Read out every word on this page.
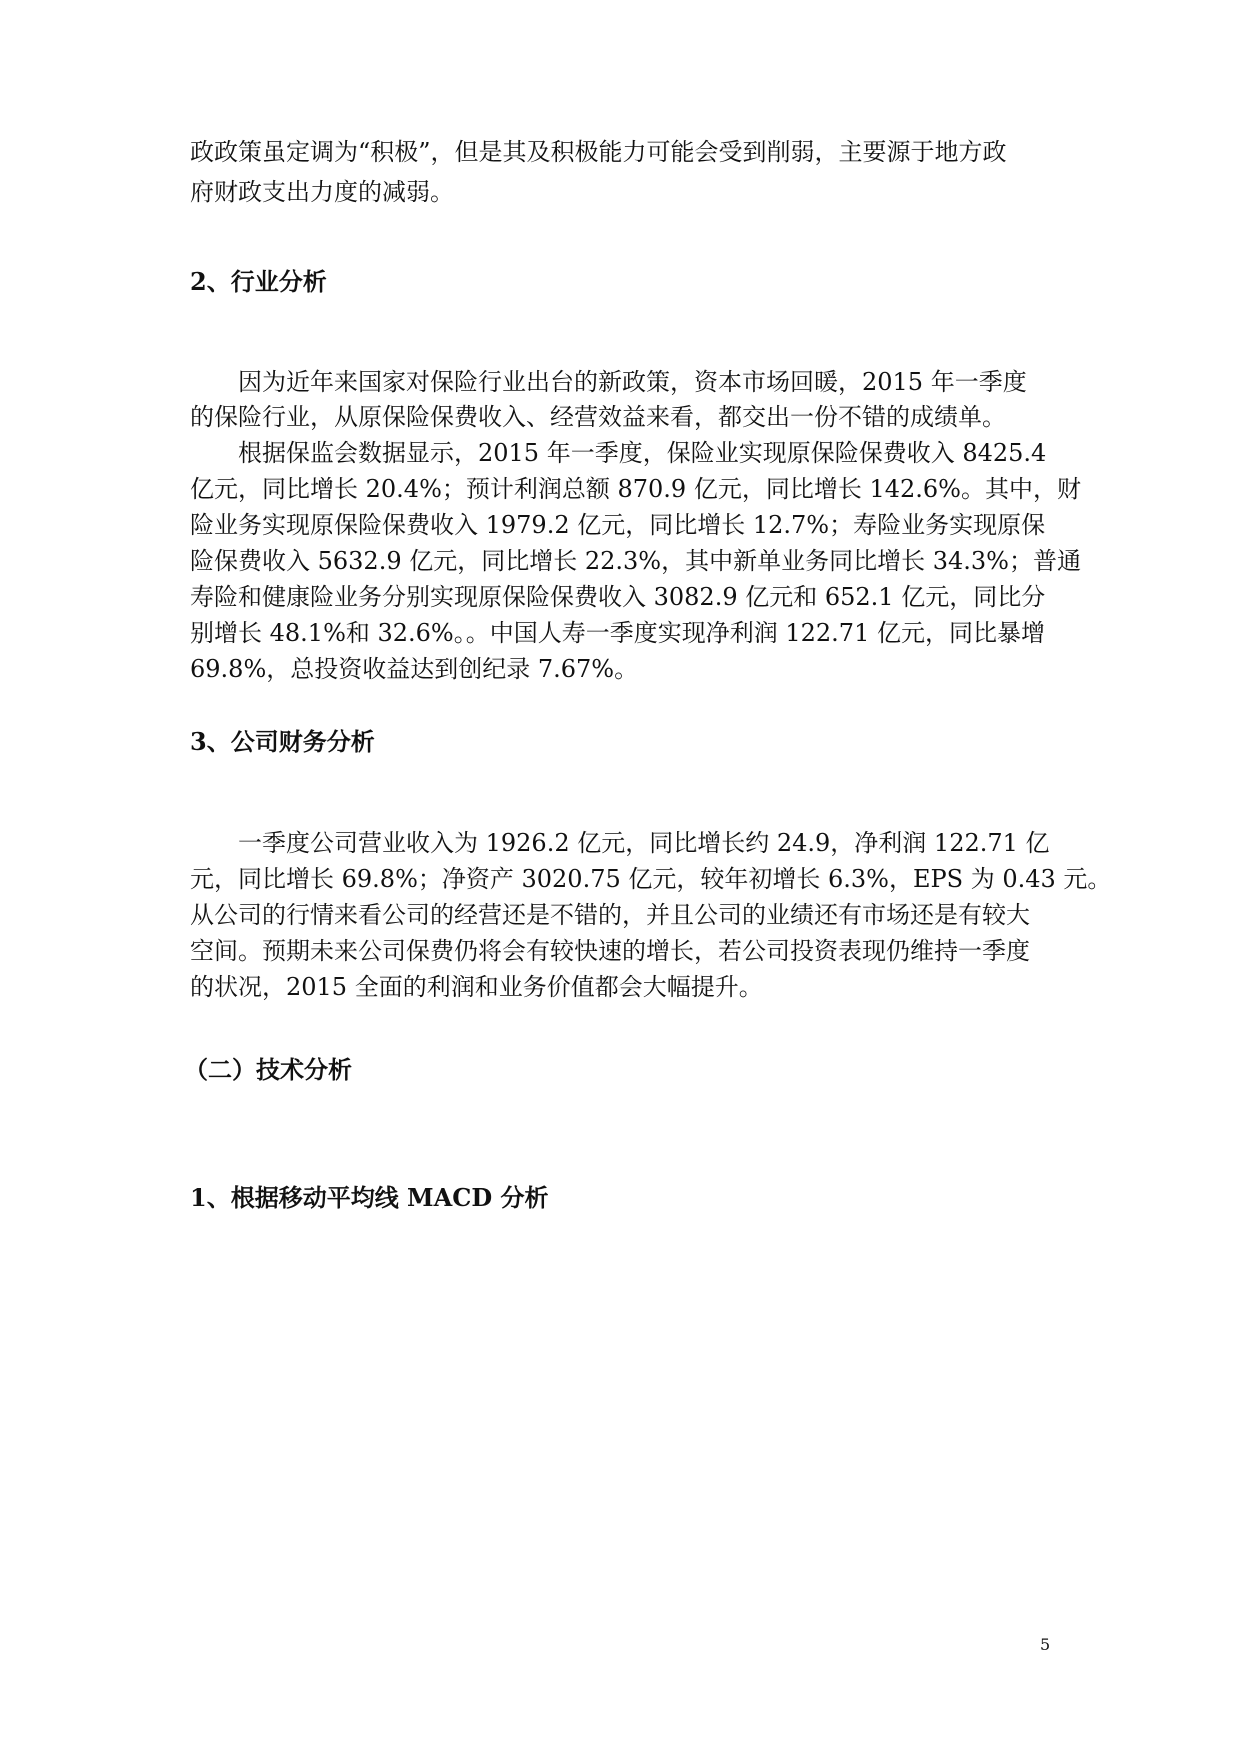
政政策虽定调为“积极”，但是其及积极能力可能会受到削弱，主要源于地方政

府财政支出力度的减弱。

2、行业分析

因为近年来国家对保险行业出台的新政策，资本市场回暖，2015 年一季度

的保险行业，从原保险保费收入、经营效益来看，都交出一份不错的成绩单。

根据保监会数据显示，2015 年一季度，保险业实现原保险保费收入 8425.4

亿元，同比增长 20.4%；预计利润总额 870.9 亿元，同比增长 142.6%。其中，财

险业务实现原保险保费收入 1979.2 亿元，同比增长 12.7%；寿险业务实现原保

险保费收入 5632.9 亿元，同比增长 22.3%，其中新单业务同比增长 34.3%；普通

寿险和健康险业务分别实现原保险保费收入 3082.9 亿元和 652.1 亿元，同比分

别增长 48.1%和 32.6%。。中国人寿一季度实现净利润 122.71 亿元，同比暴增

69.8%，总投资收益达到创纪录 7.67%。

3、公司财务分析

一季度公司营业收入为 1926.2 亿元，同比增长约 24.9，净利润 122.71 亿

元，同比增长 69.8%；净资产 3020.75 亿元，较年初增长 6.3%，EPS 为 0.43 元。

从公司的行情来看公司的经营还是不错的，并且公司的业绩还有市场还是有较大

空间。预期未来公司保费仍将会有较快速的增长，若公司投资表现仍维持一季度

的状况，2015 全面的利润和业务价值都会大幅提升。

（二）技术分析
1、根据移动平均线 MACD 分析
5
